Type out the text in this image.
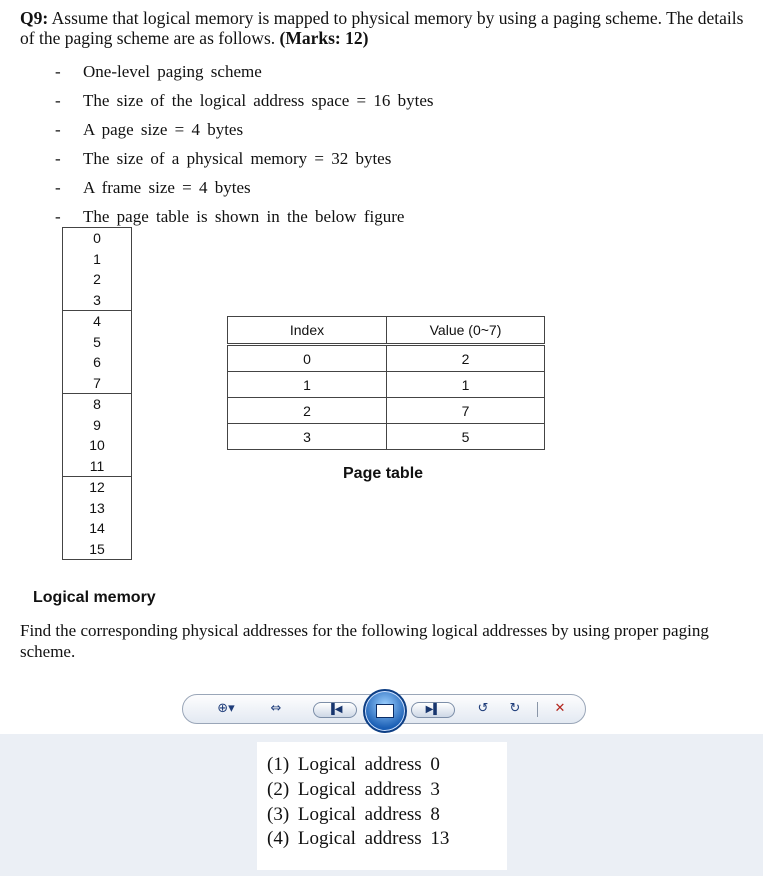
Q9: Assume that logical memory is mapped to physical memory by using a paging scheme. The details of the paging scheme are as follows. (Marks: 12)
- One-level paging scheme
- The size of the logical address space = 16 bytes
- A page size = 4 bytes
- The size of a physical memory = 32 bytes
- A frame size = 4 bytes
- The page table is shown in the below figure
0
1
2
3
4
5
6
7
8
9
10
11
12
13
14
15
Logical memory
Index	Value (0~7)
0	2
1	1
2	7
3	5
Page table
Find the corresponding physical addresses for the following logical addresses by using proper paging scheme.
⊕▾	⇔	▐◀	▶▌	↺	↻	✕
(1) Logical address 0
(2) Logical address 3
(3) Logical address 8
(4) Logical address 13
